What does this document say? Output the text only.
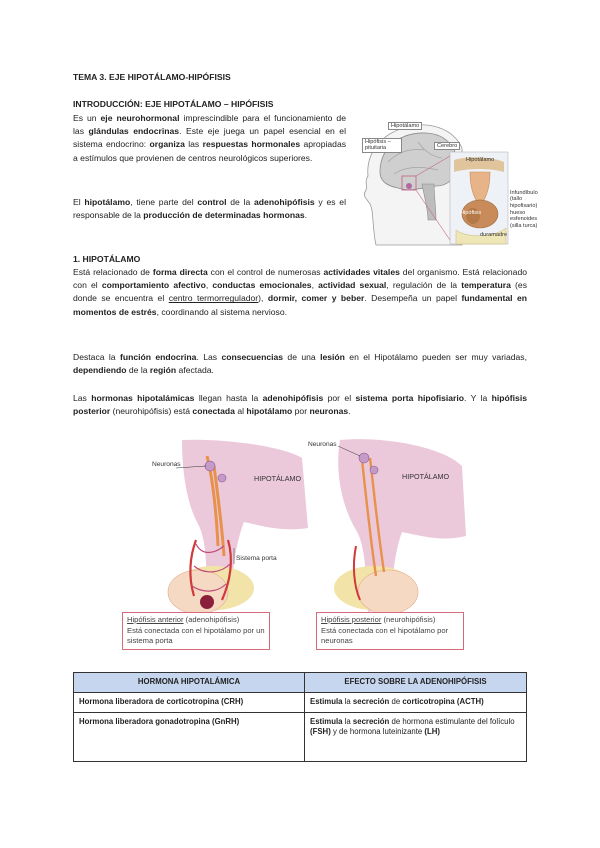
TEMA 3. EJE HIPOTÁLAMO-HIPÓFISIS
INTRODUCCIÓN: EJE HIPOTÁLAMO – HIPÓFISIS
Es un eje neurohormonal imprescindible para el funcionamiento de las glándulas endocrinas. Este eje juega un papel esencial en el sistema endocrino: organiza las respuestas hormonales apropiadas a estímulos que provienen de centros neurológicos superiores.
El hipotálamo, tiene parte del control de la adenohipófisis y es el responsable de la producción de determinadas hormonas.
Hipotálamo
Hipófisis – pituitaria	Cerebro
Hipotálamo
Infundíbulo (tallo hipofisario)
Hipófisis	hueso esfenoides (silla turca)
duramadre
1. HIPOTÁLAMO
Está relacionado de forma directa con el control de numerosas actividades vitales del organismo. Está relacionado con el comportamiento afectivo, conductas emocionales, actividad sexual, regulación de la temperatura (es donde se encuentra el centro termorregulador), dormir, comer y beber. Desempeña un papel fundamental en momentos de estrés, coordinando al sistema nervioso.
Destaca la función endocrina. Las consecuencias de una lesión en el Hipotálamo pueden ser muy variadas, dependiendo de la región afectada.
Las hormonas hipotalámicas llegan hasta la adenohipófisis por el sistema porta hipofisiario. Y la hipófisis posterior (neurohipófisis) está conectada al hipotálamo por neuronas.
Neuronas
HIPOTÁLAMO
Sistema porta
Neuronas
HIPOTÁLAMO
Hipófisis anterior (adenohipófisis)
Está conectada con el hipotálamo por un sistema porta
Hipófisis posterior (neurohipófisis)
Está conectada con el hipotálamo por neuronas
HORMONA HIPOTALÁMICA	EFECTO SOBRE LA ADENOHIPÓFISIS
Hormona liberadora de corticotropina (CRH)	Estimula la secreción de corticotropina (ACTH)
Hormona liberadora gonadotropina (GnRH)	Estimula la secreción de hormona estimulante del folículo (FSH) y de hormona luteinizante (LH)
